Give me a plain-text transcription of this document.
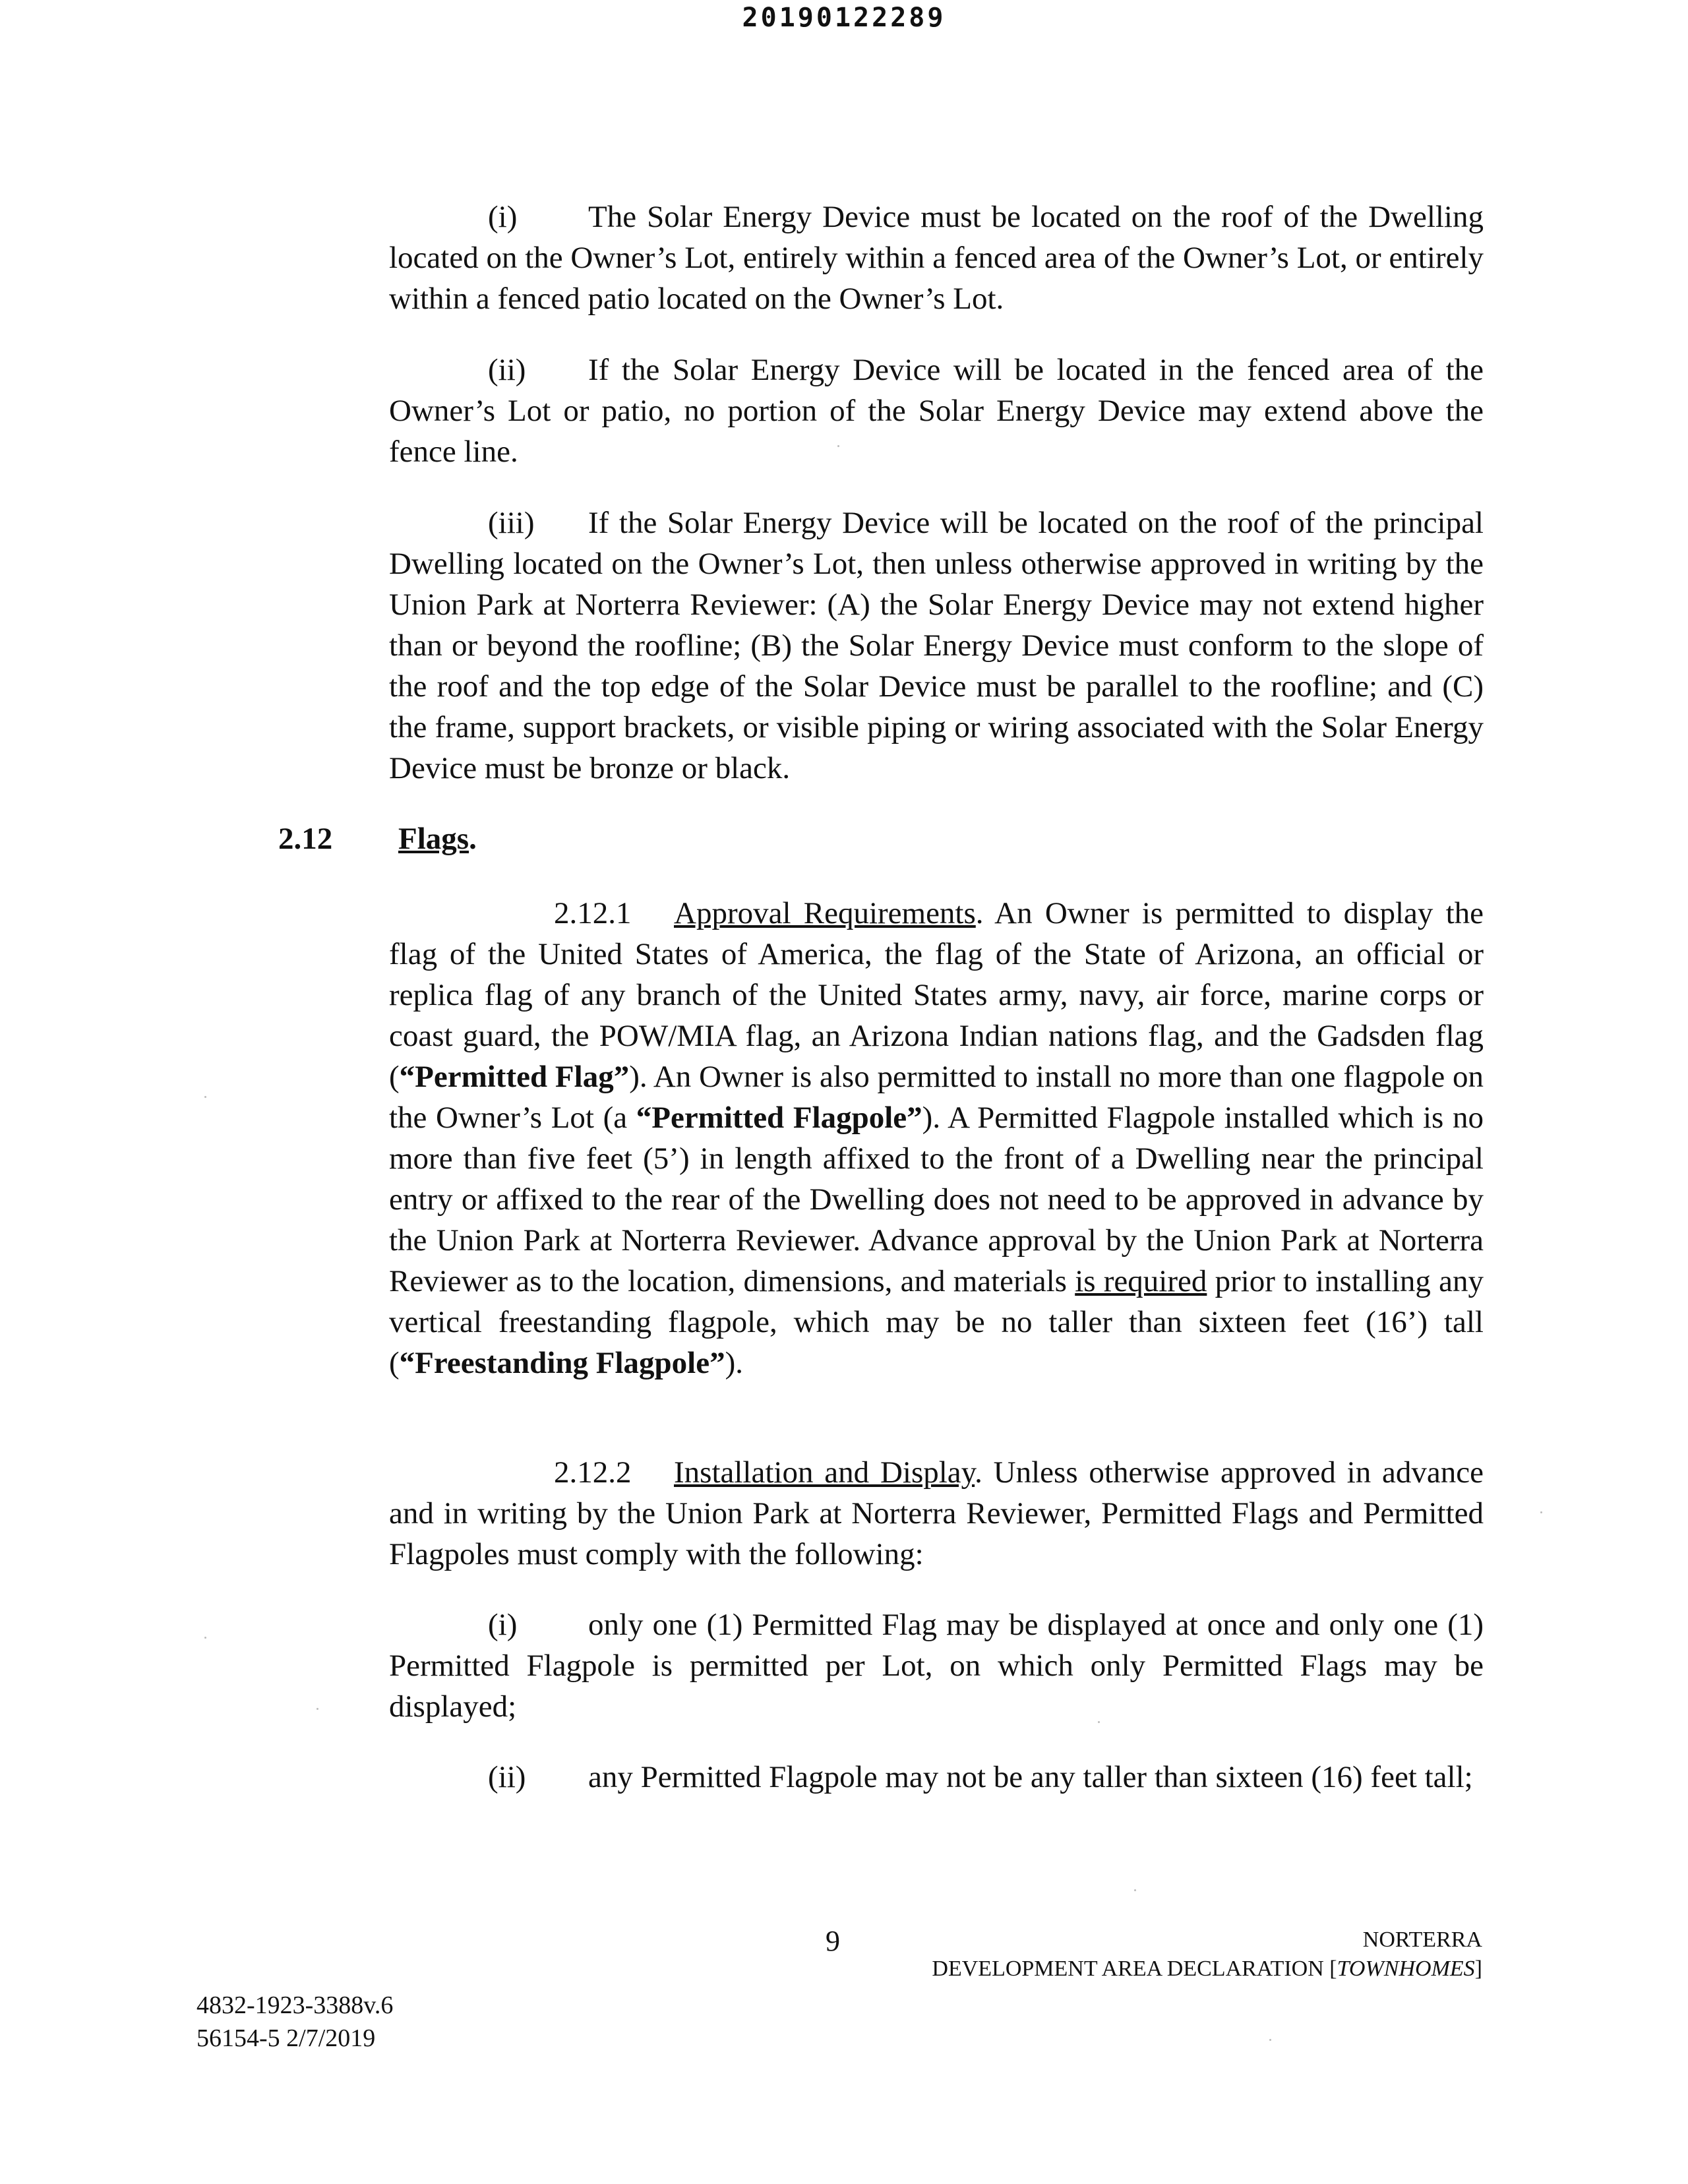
20190122289
(i) The Solar Energy Device must be located on the roof of the Dwelling located on the Owner’s Lot, entirely within a fenced area of the Owner’s Lot, or entirely within a fenced patio located on the Owner’s Lot.
(ii) If the Solar Energy Device will be located in the fenced area of the Owner’s Lot or patio, no portion of the Solar Energy Device may extend above the fence line.
(iii) If the Solar Energy Device will be located on the roof of the principal Dwelling located on the Owner’s Lot, then unless otherwise approved in writing by the Union Park at Norterra Reviewer: (A) the Solar Energy Device may not extend higher than or beyond the roofline; (B) the Solar Energy Device must conform to the slope of the roof and the top edge of the Solar Device must be parallel to the roofline; and (C) the frame, support brackets, or visible piping or wiring associated with the Solar Energy Device must be bronze or black.
2.12 Flags.
2.12.1 Approval Requirements. An Owner is permitted to display the flag of the United States of America, the flag of the State of Arizona, an official or replica flag of any branch of the United States army, navy, air force, marine corps or coast guard, the POW/MIA flag, an Arizona Indian nations flag, and the Gadsden flag (“Permitted Flag”). An Owner is also permitted to install no more than one flagpole on the Owner’s Lot (a “Permitted Flagpole”). A Permitted Flagpole installed which is no more than five feet (5’) in length affixed to the front of a Dwelling near the principal entry or affixed to the rear of the Dwelling does not need to be approved in advance by the Union Park at Norterra Reviewer. Advance approval by the Union Park at Norterra Reviewer as to the location, dimensions, and materials is required prior to installing any vertical freestanding flagpole, which may be no taller than sixteen feet (16’) tall (“Freestanding Flagpole”).
2.12.2 Installation and Display. Unless otherwise approved in advance and in writing by the Union Park at Norterra Reviewer, Permitted Flags and Permitted Flagpoles must comply with the following:
(i) only one (1) Permitted Flag may be displayed at once and only one (1) Permitted Flagpole is permitted per Lot, on which only Permitted Flags may be displayed;
(ii) any Permitted Flagpole may not be any taller than sixteen (16) feet tall;
9	NORTERRA
DEVELOPMENT AREA DECLARATION [TOWNHOMES]
4832-1923-3388v.6
56154-5 2/7/2019
